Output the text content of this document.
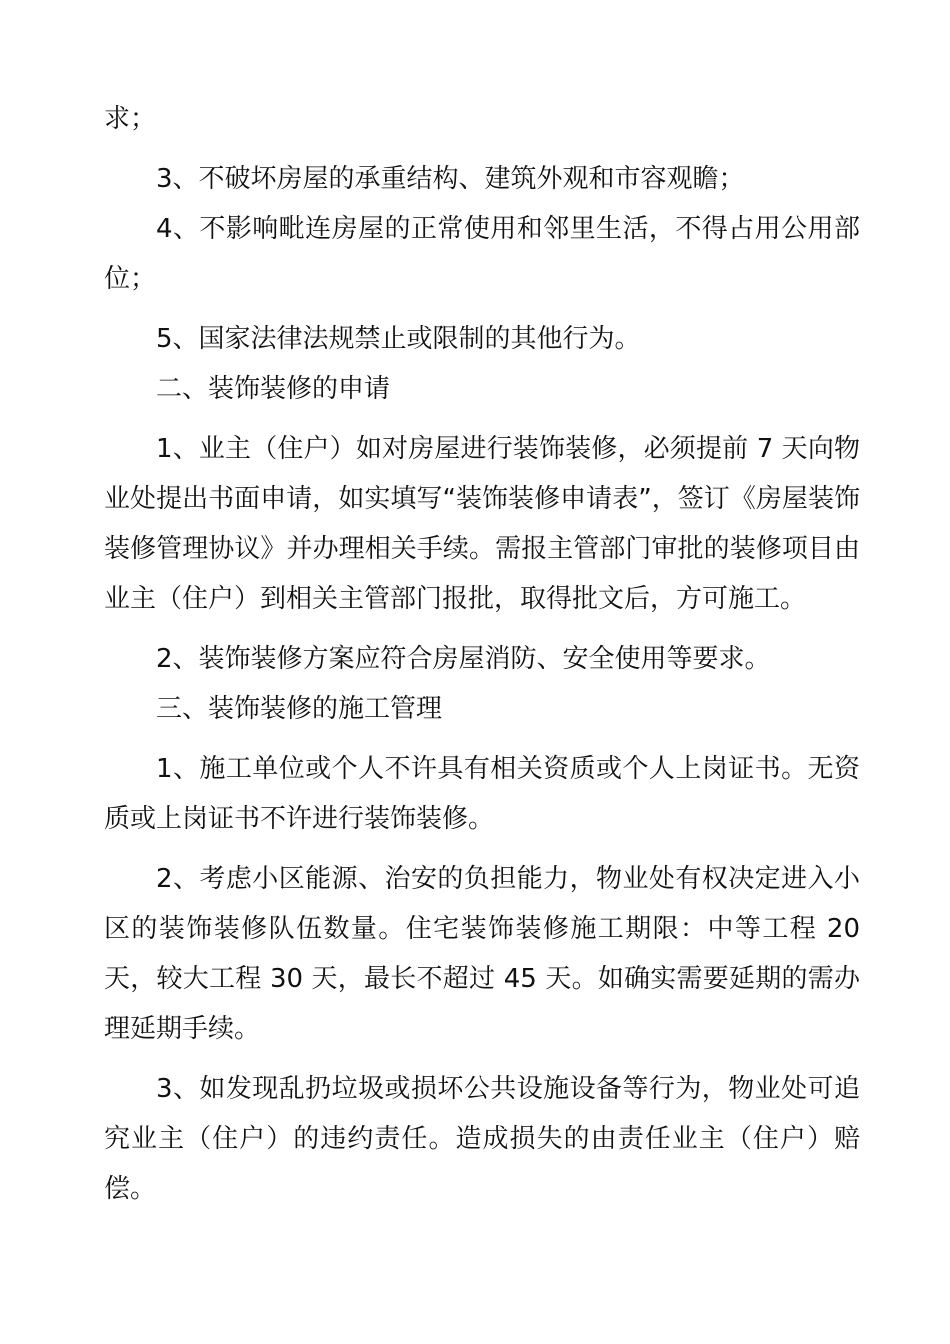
求；

3、不破坏房屋的承重结构、建筑外观和市容观瞻；

4、不影响毗连房屋的正常使用和邻里生活，不得占用公用部位；

5、国家法律法规禁止或限制的其他行为。

二、装饰装修的申请

1、业主（住户）如对房屋进行装饰装修，必须提前 7 天向物业处提出书面申请，如实填写“装饰装修申请表”，签订《房屋装饰装修管理协议》并办理相关手续。需报主管部门审批的装修项目由业主（住户）到相关主管部门报批，取得批文后，方可施工。

2、装饰装修方案应符合房屋消防、安全使用等要求。

三、装饰装修的施工管理

1、施工单位或个人不许具有相关资质或个人上岗证书。无资质或上岗证书不许进行装饰装修。

2、考虑小区能源、治安的负担能力，物业处有权决定进入小区的装饰装修队伍数量。住宅装饰装修施工期限：中等工程 20 天，较大工程 30 天，最长不超过 45 天。如确实需要延期的需办理延期手续。

3、如发现乱扔垃圾或损坏公共设施设备等行为，物业处可追究业主（住户）的违约责任。造成损失的由责任业主（住户）赔偿。
